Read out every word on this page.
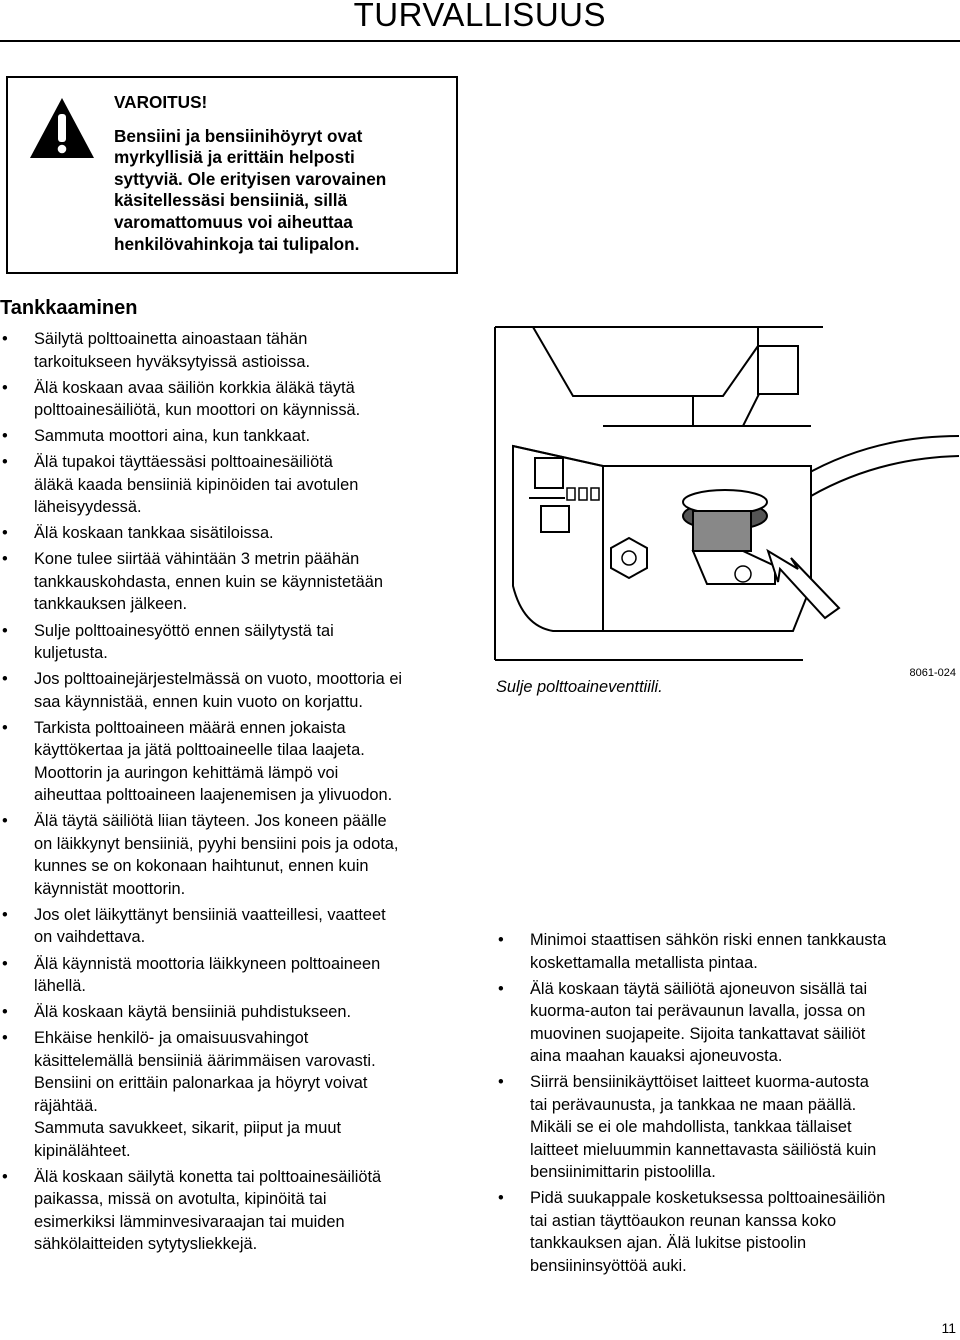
TURVALLISUUS
VAROITUS!
Bensiini ja bensiinihöyryt ovat
myrkyllisiä ja erittäin helposti
syttyviä. Ole erityisen varovainen
käsitellessäsi bensiiniä, sillä
varomattomuus voi aiheuttaa
henkilövahinkoja tai tulipalon.
Tankkaaminen
• Säilytä polttoainetta ainoastaan tähän
tarkoitukseen hyväksytyissä astioissa.
• Älä koskaan avaa säiliön korkkia äläkä täytä
polttoainesäiliötä, kun moottori on käynnissä.
• Sammuta moottori aina, kun tankkaat.
• Älä tupakoi täyttäessäsi polttoainesäiliötä
äläkä kaada bensiiniä kipinöiden tai avotulen
läheisyydessä.
• Älä koskaan tankkaa sisätiloissa.
• Kone tulee siirtää vähintään 3 metrin päähän
tankkauskohdasta, ennen kuin se käynnistetään
tankkauksen jälkeen.
• Sulje polttoainesyöttö ennen säilytystä tai
kuljetusta.
• Jos polttoainejärjestelmässä on vuoto, moottoria ei
saa käynnistää, ennen kuin vuoto on korjattu.
• Tarkista polttoaineen määrä ennen jokaista
käyttökertaa ja jätä polttoaineelle tilaa laajeta.
Moottorin ja auringon kehittämä lämpö voi
aiheuttaa polttoaineen laajenemisen ja ylivuodon.
• Älä täytä säiliötä liian täyteen. Jos koneen päälle
on läikkynyt bensiiniä, pyyhi bensiini pois ja odota,
kunnes se on kokonaan haihtunut, ennen kuin
käynnistät moottorin.
• Jos olet läikyttänyt bensiiniä vaatteillesi, vaatteet
on vaihdettava.
• Älä käynnistä moottoria läikkyneen polttoaineen
lähellä.
• Älä koskaan käytä bensiiniä puhdistukseen.
• Ehkäise henkilö- ja omaisuusvahingot
käsittelemällä bensiiniä äärimmäisen varovasti.
Bensiini on erittäin palonarkaa ja höyryt voivat
räjähtää.
Sammuta savukkeet, sikarit, piiput ja muut
kipinälähteet.
• Älä koskaan säilytä konetta tai polttoainesäiliötä
paikassa, missä on avotulta, kipinöitä tai
esimerkiksi lämminvesivaraajan tai muiden
sähkölaitteiden sytytysliekkejä.
Sulje polttoaineventtiili.
8061-024
• Minimoi staattisen sähkön riski ennen tankkausta
koskettamalla metallista pintaa.
• Älä koskaan täytä säiliötä ajoneuvon sisällä tai
kuorma-auton tai perävaunun lavalla, jossa on
muovinen suojapeite. Sijoita tankattavat säiliöt
aina maahan kauaksi ajoneuvosta.
• Siirrä bensiinikäyttöiset laitteet kuorma-autosta
tai perävaunusta, ja tankkaa ne maan päällä.
Mikäli se ei ole mahdollista, tankkaa tällaiset
laitteet mieluummin kannettavasta säiliöstä kuin
bensiinimittarin pistoolilla.
• Pidä suukappale kosketuksessa polttoainesäiliön
tai astian täyttöaukon reunan kanssa koko
tankkauksen ajan. Älä lukitse pistoolin
bensiininsyöttöä auki.
11
